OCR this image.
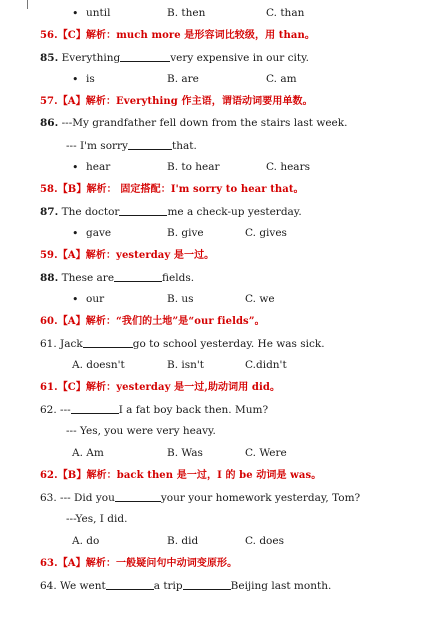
• until	B. then	C. than
56.【C】解析：much more 是形容词比较级，用 than。
85. Everything	very expensive in our city.
• is	B. are	C. am
57.【A】解析：Everything 作主语，谓语动词要用单数。
86. ---My grandfather fell down from the stairs last week.
--- I'm sorry	that.
• hear	B. to hear	C. hears
58.【B】解析： 固定搭配：I'm sorry to hear that。
87. The doctor	me a check-up yesterday.
• gave	B. give	C. gives
59.【A】解析：yesterday 是一过。
88. These are	fields.
• our	B. us	C. we
60.【A】解析：“我们的土地”是“our fields”。
61. Jack	go to school yesterday. He was sick.
A. doesn't	B. isn't	C.didn't
61.【C】解析：yesterday 是一过,助动词用 did。
62. ---	I a fat boy back then. Mum?
--- Yes, you were very heavy.
A. Am	B. Was	C. Were
62.【B】解析：back then 是一过，I 的 be 动词是 was。
63. --- Did you	your your homework yesterday, Tom?
---Yes, I did.
A. do	B. did	C. does
63.【A】解析：一般疑问句中动词变原形。
64. We went	a trip	Beijing last month.
